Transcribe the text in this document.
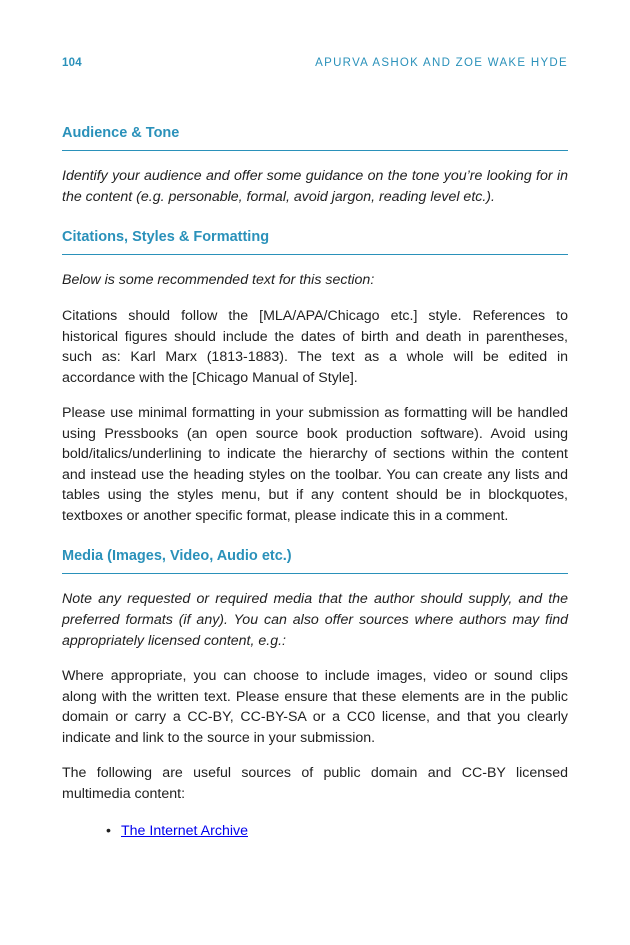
104	APURVA ASHOK AND ZOE WAKE HYDE
Audience & Tone

Identify your audience and offer some guidance on the tone you’re looking for in the content (e.g. personable, formal, avoid jargon, reading level etc.).

Citations, Styles & Formatting

Below is some recommended text for this section:

Citations should follow the [MLA/APA/Chicago etc.] style. References to historical figures should include the dates of birth and death in parentheses, such as: Karl Marx (1813-1883). The text as a whole will be edited in accordance with the [Chicago Manual of Style].

Please use minimal formatting in your submission as formatting will be handled using Pressbooks (an open source book production software). Avoid using bold/italics/underlining to indicate the hierarchy of sections within the content and instead use the heading styles on the toolbar. You can create any lists and tables using the styles menu, but if any content should be in blockquotes, textboxes or another specific format, please indicate this in a comment.

Media (Images, Video, Audio etc.)

Note any requested or required media that the author should supply, and the preferred formats (if any). You can also offer sources where authors may find appropriately licensed content, e.g.:

Where appropriate, you can choose to include images, video or sound clips along with the written text. Please ensure that these elements are in the public domain or carry a CC-BY, CC-BY-SA or a CC0 license, and that you clearly indicate and link to the source in your submission.

The following are useful sources of public domain and CC-BY licensed multimedia content:

• The Internet Archive
